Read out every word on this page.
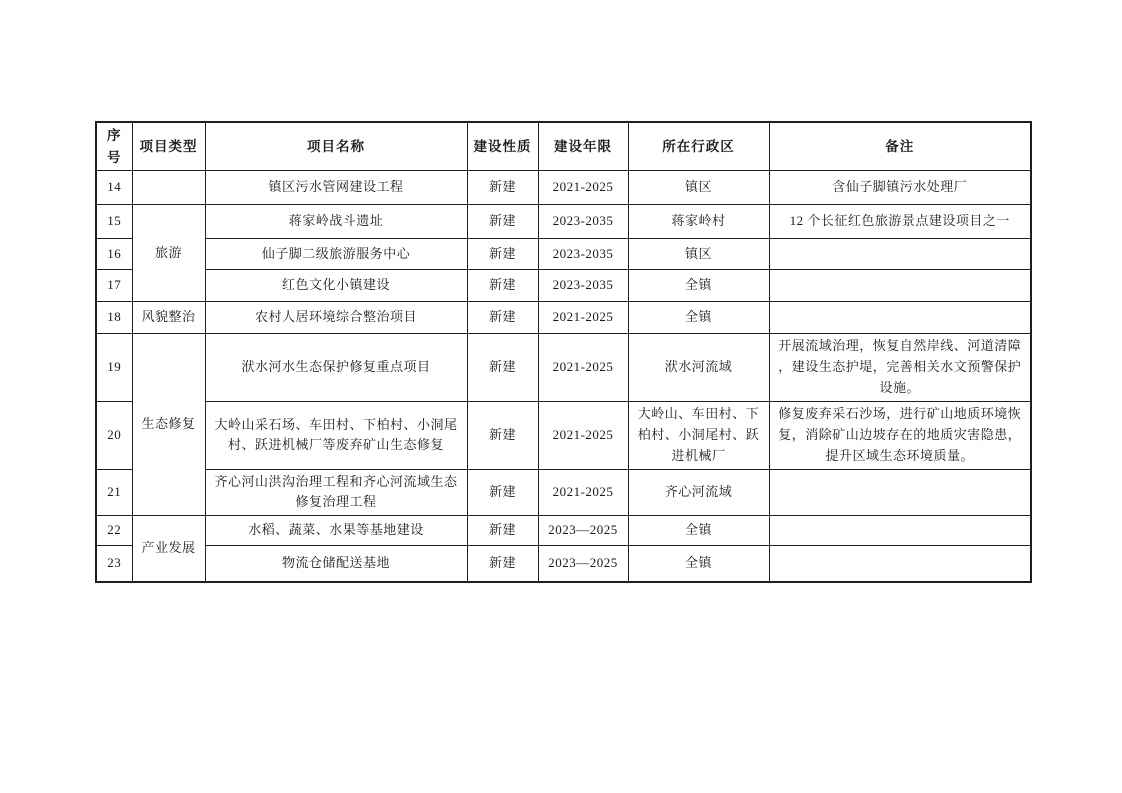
序号	项目类型	项目名称	建设性质	建设年限	所在行政区	备注
14		镇区污水管网建设工程	新建	2021-2025	镇区	含仙子脚镇污水处理厂
15	旅游	蒋家岭战斗遗址	新建	2023-2035	蒋家岭村	12 个长征红色旅游景点建设项目之一
16		仙子脚二级旅游服务中心	新建	2023-2035	镇区	
17		红色文化小镇建设	新建	2023-2035	全镇	
18	风貌整治	农村人居环境综合整治项目	新建	2021-2025	全镇	
19	生态修复	洑水河水生态保护修复重点项目	新建	2021-2025	洑水河流域	开展流域治理，恢复自然岸线、河道清障 ，建设生态护堤，完善相关水文预警保护设施。
20		大岭山采石场、车田村、下柏村、小洞尾村、跃进机械厂等废弃矿山生态修复	新建	2021-2025	大岭山、车田村、下柏村、小洞尾村、跃进机械厂	修复废弃采石沙场，进行矿山地质环境恢复，消除矿山边坡存在的地质灾害隐患，提升区域生态环境质量。
21		齐心河山洪沟治理工程和齐心河流域生态修复治理工程	新建	2021-2025	齐心河流域	
22	产业发展	水稻、蔬菜、水果等基地建设	新建	2023—2025	全镇	
23		物流仓储配送基地	新建	2023—2025	全镇	
